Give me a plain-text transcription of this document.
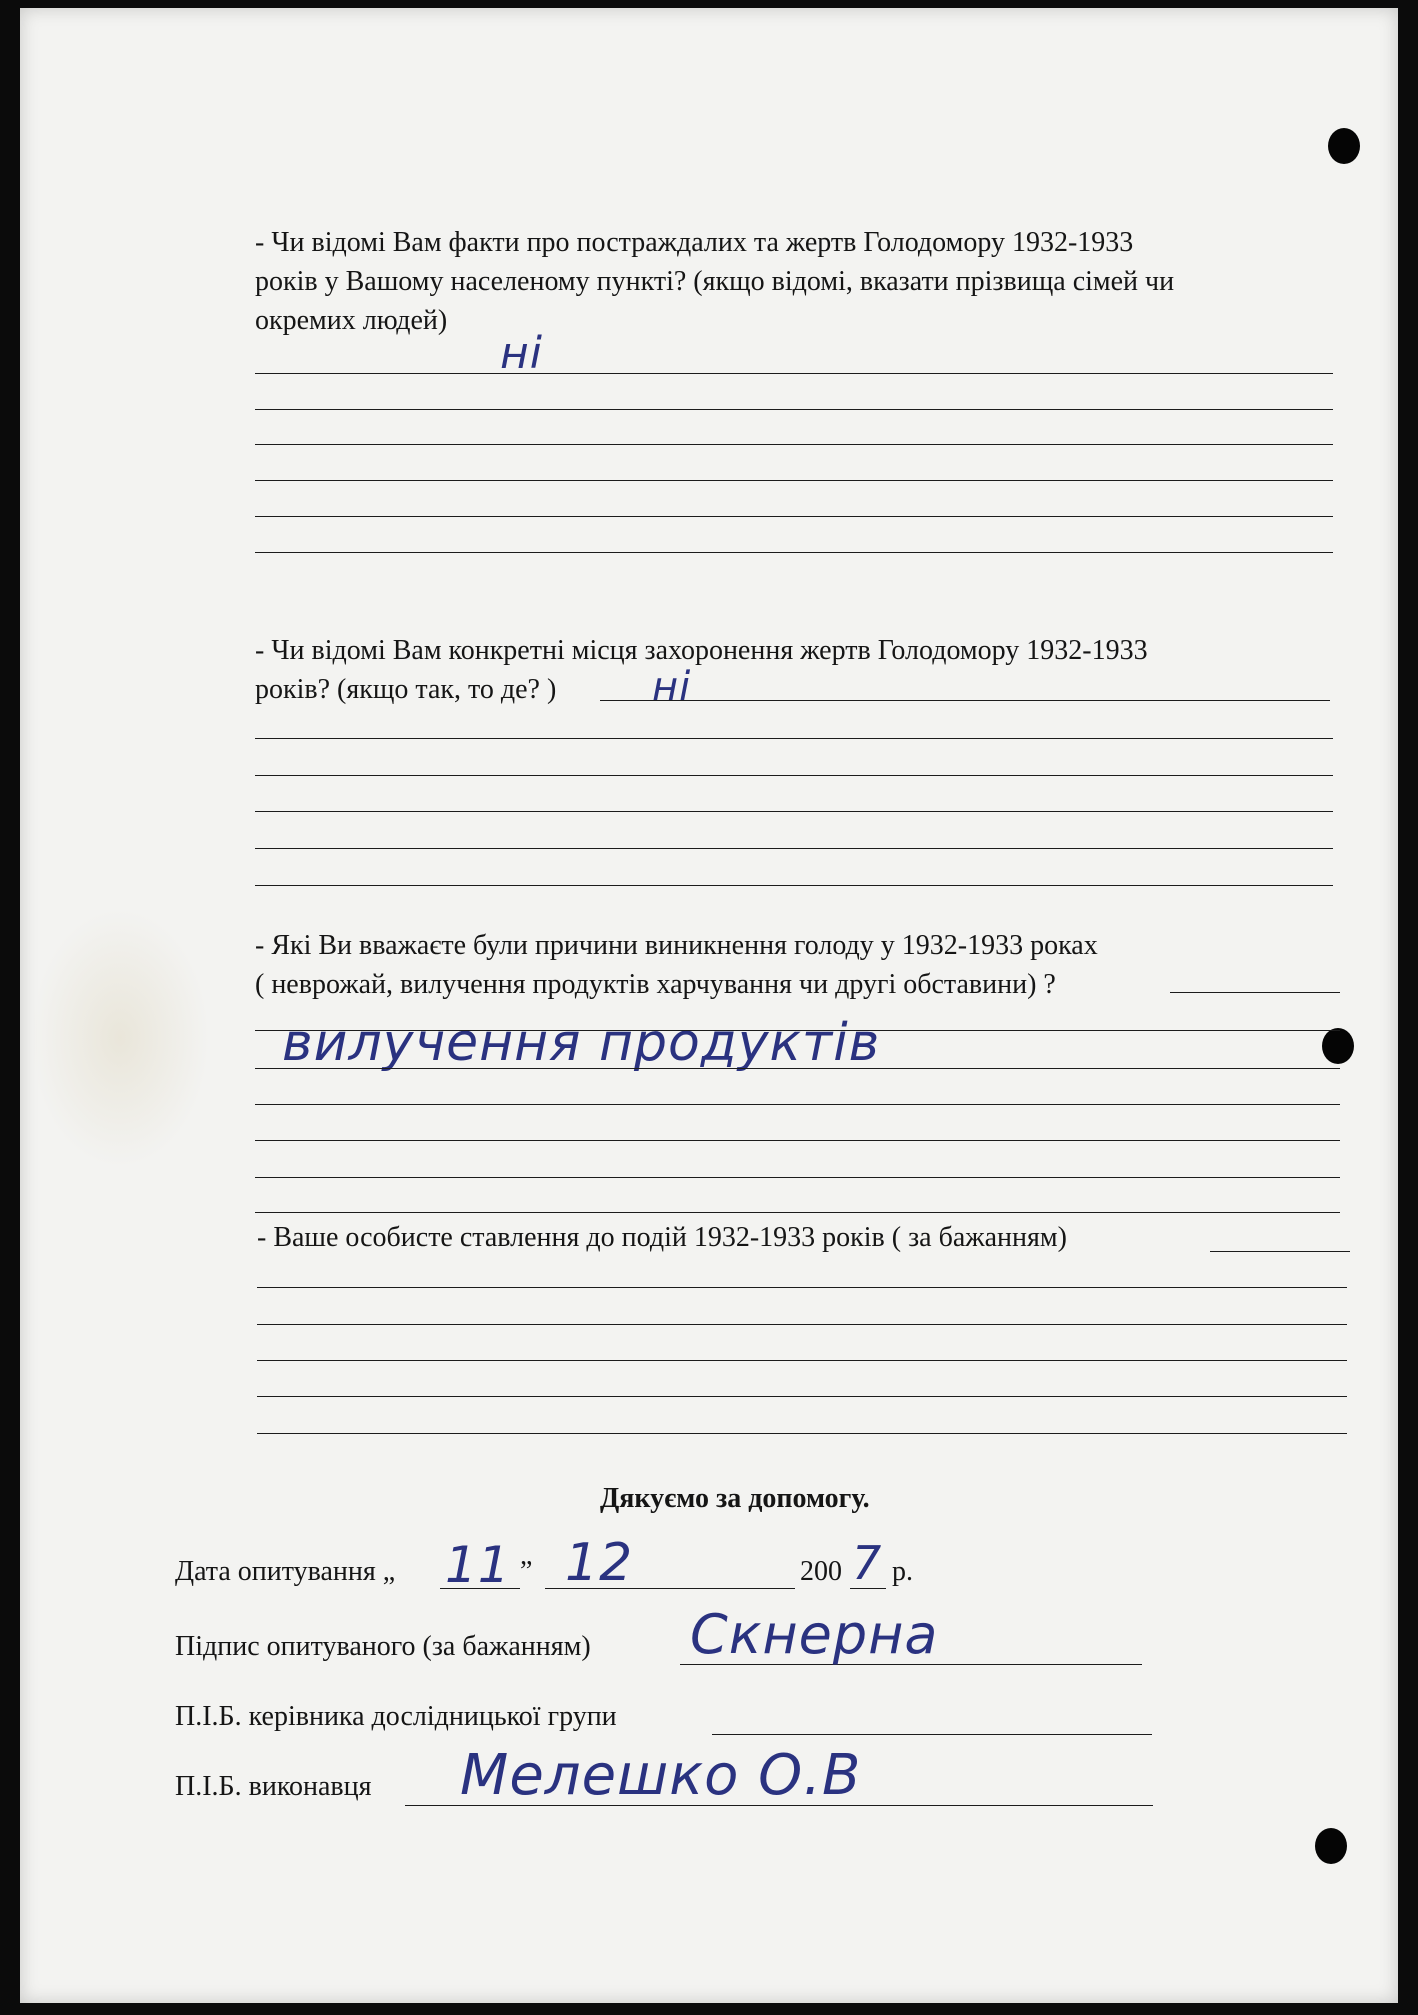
- Чи відомі Вам факти про постраждалих та жертв Голодомору 1932-1933

років у Вашому населеному пункті? (якщо відомі, вказати прізвища сімей чи

окремих людей)

ні

- Чи відомі Вам конкретні місця захоронення жертв Голодомору 1932-1933

років? (якщо так, то де? )	ні

- Які Ви вважаєте були причини виникнення голоду у 1932-1933 роках

( неврожай, вилучення продуктів харчування чи другі обставини) ?

вилучення продуктів

- Ваше особисте ставлення до подій 1932-1933 років ( за бажанням)

Дякуємо за допомогу.
Дата опитування „ 11 ” 12	200 7 р.
Підпис опитуваного (за бажанням) Скнерна
П.І.Б. керівника дослідницької групи
П.І.Б. виконавця Мелешко О.В
